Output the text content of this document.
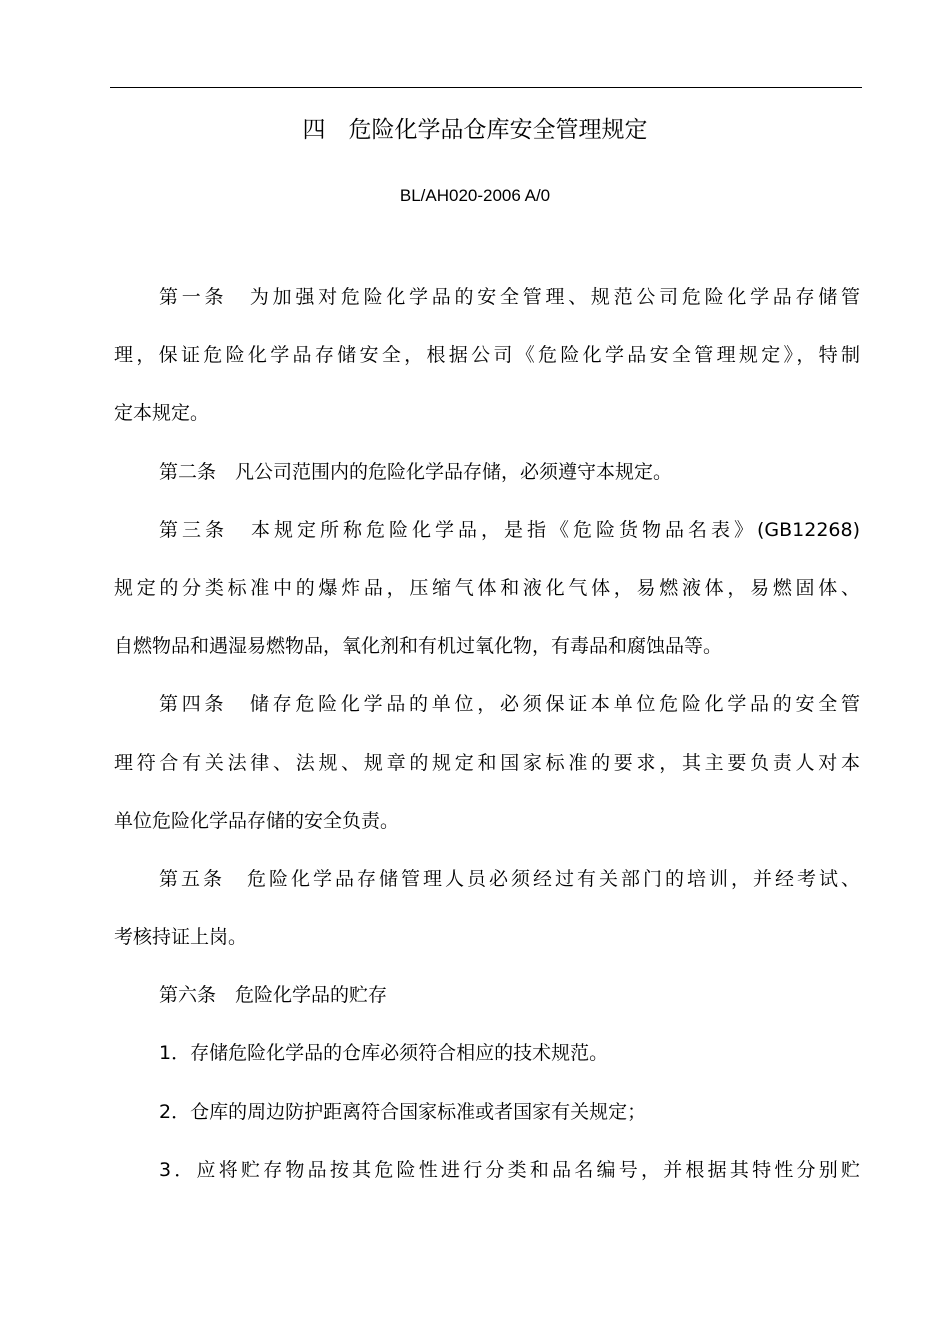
四　危险化学品仓库安全管理规定
BL/AH020-2006 A/0
第一条　为加强对危险化学品的安全管理、规范公司危险化学品存储管
理，保证危险化学品存储安全，根据公司《危险化学品安全管理规定》，特制
定本规定。
第二条　凡公司范围内的危险化学品存储，必须遵守本规定。
第三条　本规定所称危险化学品，是指《危险货物品名表》(GB12268)
规定的分类标准中的爆炸品，压缩气体和液化气体，易燃液体，易燃固体、
自燃物品和遇湿易燃物品，氧化剂和有机过氧化物，有毒品和腐蚀品等。
第四条　储存危险化学品的单位，必须保证本单位危险化学品的安全管
理符合有关法律、法规、规章的规定和国家标准的要求，其主要负责人对本
单位危险化学品存储的安全负责。
第五条　危险化学品存储管理人员必须经过有关部门的培训，并经考试、
考核持证上岗。
第六条　危险化学品的贮存
1．存储危险化学品的仓库必须符合相应的技术规范。
2．仓库的周边防护距离符合国家标准或者国家有关规定；
3．应将贮存物品按其危险性进行分类和品名编号，并根据其特性分别贮
